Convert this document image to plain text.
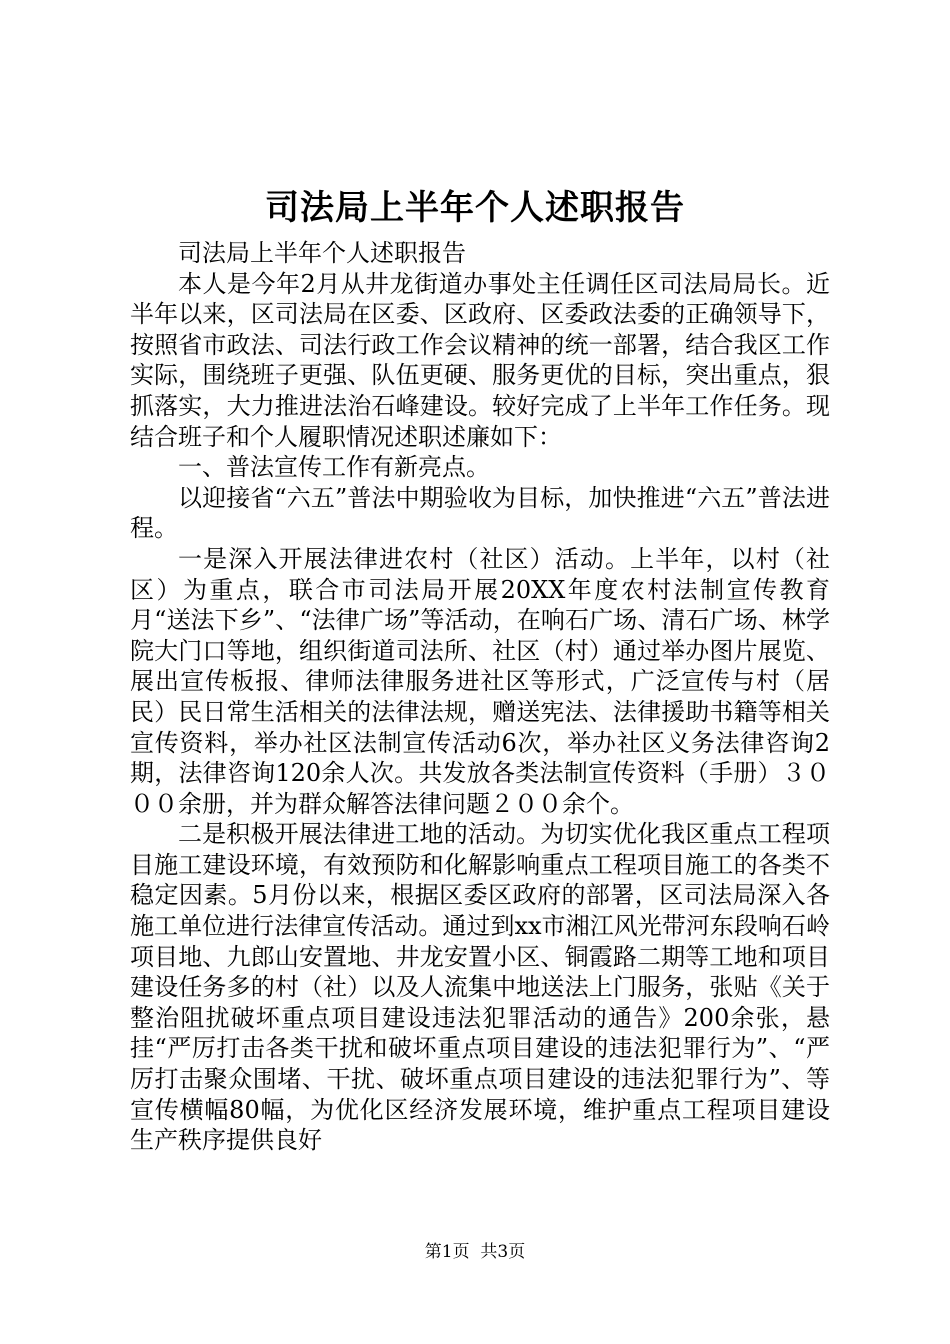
司法局上半年个人述职报告

司法局上半年个人述职报告

本人是今年2月从井龙街道办事处主任调任区司法局局长。近半年以来，区司法局在区委、区政府、区委政法委的正确领导下，按照省市政法、司法行政工作会议精神的统一部署，结合我区工作实际，围绕班子更强、队伍更硬、服务更优的目标，突出重点，狠抓落实，大力推进法治石峰建设。较好完成了上半年工作任务。现结合班子和个人履职情况述职述廉如下：

一、普法宣传工作有新亮点。

以迎接省“六五”普法中期验收为目标，加快推进“六五”普法进程。

一是深入开展法律进农村（社区）活动。上半年，以村（社区）为重点，联合市司法局开展20XX年度农村法制宣传教育月“送法下乡”、“法律广场”等活动，在响石广场、清石广场、林学院大门口等地，组织街道司法所、社区（村）通过举办图片展览、展出宣传板报、律师法律服务进社区等形式，广泛宣传与村（居民）民日常生活相关的法律法规，赠送宪法、法律援助书籍等相关宣传资料，举办社区法制宣传活动6次，举办社区义务法律咨询2期，法律咨询120余人次。共发放各类法制宣传资料（手册）３０００余册，并为群众解答法律问题２００余个。

二是积极开展法律进工地的活动。为切实优化我区重点工程项目施工建设环境，有效预防和化解影响重点工程项目施工的各类不稳定因素。5月份以来，根据区委区政府的部署，区司法局深入各施工单位进行法律宣传活动。通过到xx市湘江风光带河东段响石岭项目地、九郎山安置地、井龙安置小区、铜霞路二期等工地和项目建设任务多的村（社）以及人流集中地送法上门服务，张贴《关于整治阻扰破坏重点项目建设违法犯罪活动的通告》200余张，悬挂“严厉打击各类干扰和破坏重点项目建设的违法犯罪行为”、“严厉打击聚众围堵、干扰、破坏重点项目建设的违法犯罪行为”、等宣传横幅80幅，为优化区经济发展环境，维护重点工程项目建设生产秩序提供良好

第1页 共3页
